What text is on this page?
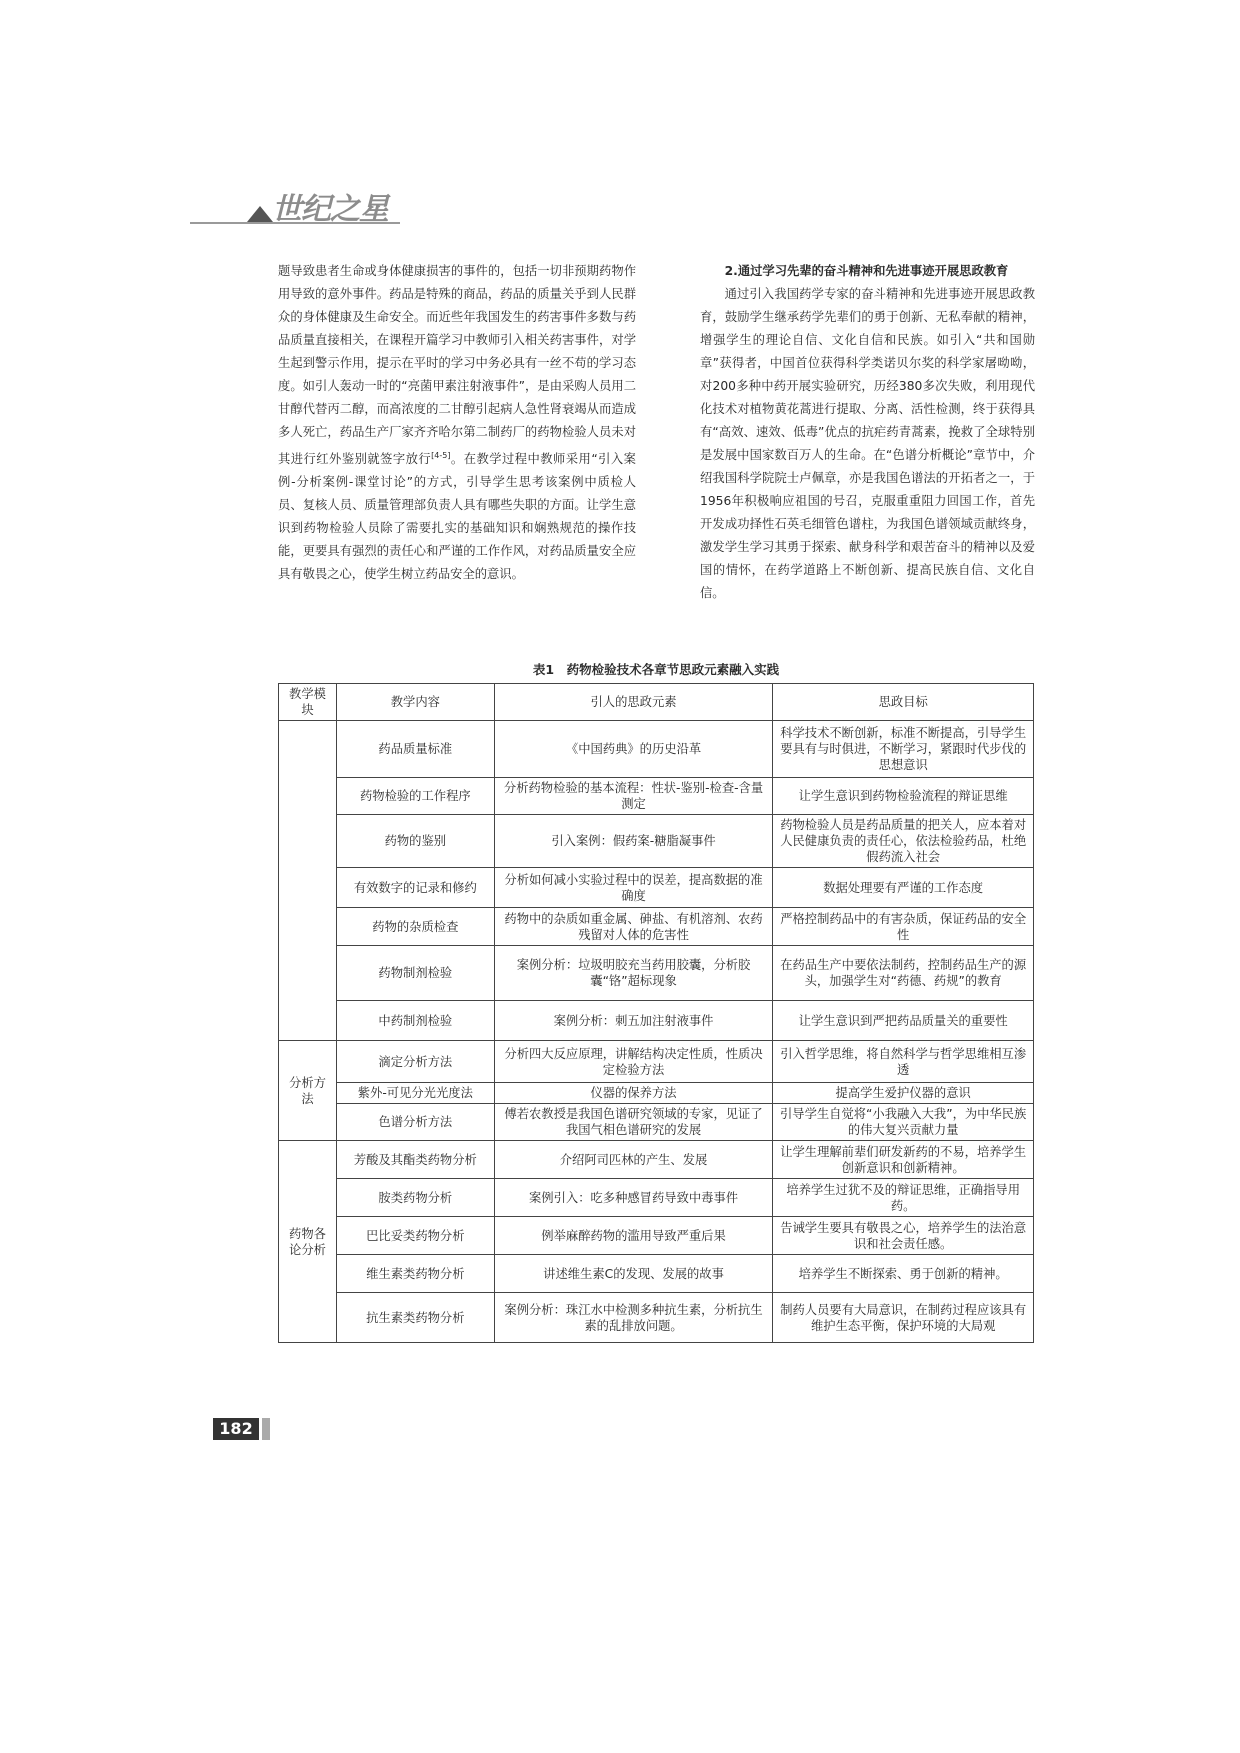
世纪之星

题导致患者生命或身体健康损害的事件的，包括一切非预期药物作用导致的意外事件。药品是特殊的商品，药品的质量关乎到人民群众的身体健康及生命安全。而近些年我国发生的药害事件多数与药品质量直接相关，在课程开篇学习中教师引入相关药害事件，对学生起到警示作用，提示在平时的学习中务必具有一丝不苟的学习态度。如引人轰动一时的“亮菌甲素注射液事件”，是由采购人员用二甘醇代替丙二醇，而高浓度的二甘醇引起病人急性肾衰竭从而造成多人死亡，药品生产厂家齐齐哈尔第二制药厂的药物检验人员未对其进行红外鉴别就签字放行[4-5]。在教学过程中教师采用“引入案例-分析案例-课堂讨论”的方式，引导学生思考该案例中质检人员、复核人员、质量管理部负责人具有哪些失职的方面。让学生意识到药物检验人员除了需要扎实的基础知识和娴熟规范的操作技能，更要具有强烈的责任心和严谨的工作作风，对药品质量安全应具有敬畏之心，使学生树立药品安全的意识。

2.通过学习先辈的奋斗精神和先进事迹开展思政教育

通过引入我国药学专家的奋斗精神和先进事迹开展思政教育，鼓励学生继承药学先辈们的勇于创新、无私奉献的精神，增强学生的理论自信、文化自信和民族。如引入“共和国勋章”获得者，中国首位获得科学类诺贝尔奖的科学家屠呦呦，对200多种中药开展实验研究，历经380多次失败，利用现代化技术对植物黄花蒿进行提取、分离、活性检测，终于获得具有“高效、速效、低毒”优点的抗疟药青蒿素，挽救了全球特别是发展中国家数百万人的生命。在“色谱分析概论”章节中，介绍我国科学院院士卢佩章，亦是我国色谱法的开拓者之一，于1956年积极响应祖国的号召，克服重重阻力回国工作，首先开发成功择性石英毛细管色谱柱，为我国色谱领域贡献终身，激发学生学习其勇于探索、献身科学和艰苦奋斗的精神以及爱国的情怀，在药学道路上不断创新、提高民族自信、文化自信。

表1　药物检验技术各章节思政元素融入实践
教学模块	教学内容	引人的思政元素	思政目标
	药品质量标准	《中国药典》的历史沿革	科学技术不断创新，标准不断提高，引导学生要具有与时俱进，不断学习，紧跟时代步伐的思想意识
	药物检验的工作程序	分析药物检验的基本流程：性状-鉴别-检查-含量测定	让学生意识到药物检验流程的辩证思维
	药物的鉴别	引入案例：假药案-糖脂凝事件	药物检验人员是药品质量的把关人，应本着对人民健康负责的责任心，依法检验药品，杜绝假药流入社会
	有效数字的记录和修约	分析如何减小实验过程中的误差，提高数据的准确度	数据处理要有严谨的工作态度
	药物的杂质检查	药物中的杂质如重金属、砷盐、有机溶剂、农药残留对人体的危害性	严格控制药品中的有害杂质，保证药品的安全性
	药物制剂检验	案例分析：垃圾明胶充当药用胶囊，分析胶囊“铬”超标现象	在药品生产中要依法制药，控制药品生产的源头，加强学生对“药德、药规”的教育
	中药制剂检验	案例分析：刺五加注射液事件	让学生意识到严把药品质量关的重要性
分析方法	滴定分析方法	分析四大反应原理，讲解结构决定性质，性质决定检验方法	引入哲学思维，将自然科学与哲学思维相互渗透
	紫外-可见分光光度法	仪器的保养方法	提高学生爱护仪器的意识
	色谱分析方法	傅若农教授是我国色谱研究领域的专家，见证了我国气相色谱研究的发展	引导学生自觉将“小我融入大我”，为中华民族的伟大复兴贡献力量
药物各论分析	芳酸及其酯类药物分析	介绍阿司匹林的产生、发展	让学生理解前辈们研发新药的不易，培养学生创新意识和创新精神。
	胺类药物分析	案例引入：吃多种感冒药导致中毒事件	培养学生过犹不及的辩证思维，正确指导用药。
	巴比妥类药物分析	例举麻醉药物的滥用导致严重后果	告诫学生要具有敬畏之心，培养学生的法治意识和社会责任感。
	维生素类药物分析	讲述维生素C的发现、发展的故事	培养学生不断探索、勇于创新的精神。
	抗生素类药物分析	案例分析：珠江水中检测多种抗生素，分析抗生素的乱排放问题。	制药人员要有大局意识，在制药过程应该具有维护生态平衡，保护环境的大局观
182
